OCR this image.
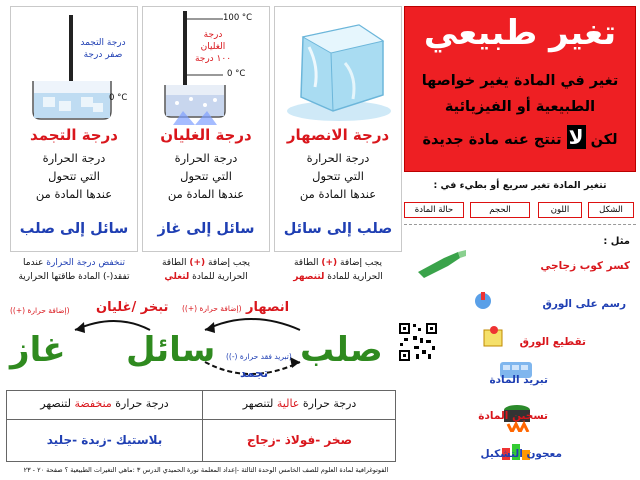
درجة الانصهار
درجة الحرارة
التي تتحول
عندها المادة من
صلب إلى سائل
يجب إضافة (+) الطاقة
الحرارية للمادة لتنصهر
100 °C
0 °C
درجة الغليان
١٠٠ درجة
درجة الغليان
درجة الحرارة
التي تتحول
عندها المادة من
سائل إلى غاز
يجب إضافة (+) الطاقة
الحرارية للمادة لتغلي
0 °C
درجة التجمد
صفر درجة
درجة التجمد
درجة الحرارة
التي تتحول
عندها المادة من
سائل إلى صلب
تنخفض درجة الحرارة عندما
تفقد(-) المادة طاقتها الحرارية
تغير طبيعي
تغير في المادة يغير خواصها
الطبيعية أو الفيزيائية
لكن لا تنتج عنه مادة جديدة
تتغير المادة تغير سريع أو بطيء في :
الشكل
اللون
الحجم
حالة المادة
مثل :
كسر كوب زجاجي
رسم على الورق
تقطيع الورق
تبريد المادة
تسخين المادة
معجون التشكيل
صلب
سائل
غاز
انصهار
(إضافة حرارة (+))
تبخر /غليان
(إضافة حرارة (+))
(تبريد فقد حرارة (-))
تجمد
درجة حرارة عالية لتنصهر
درجة حرارة منخفضة لتنصهر
صخر -فولاذ -زجاج
بلاستيك -زبدة -جليد
الفوتوغرافية لمادة العلوم للصف الخامس الوحدة الثالثة -إعداد المعلمة نورة الحميدي الدرس ٣ :ماهي التغيرات الطبيعية ؟ صفحة ٢٠ - ٢٣
